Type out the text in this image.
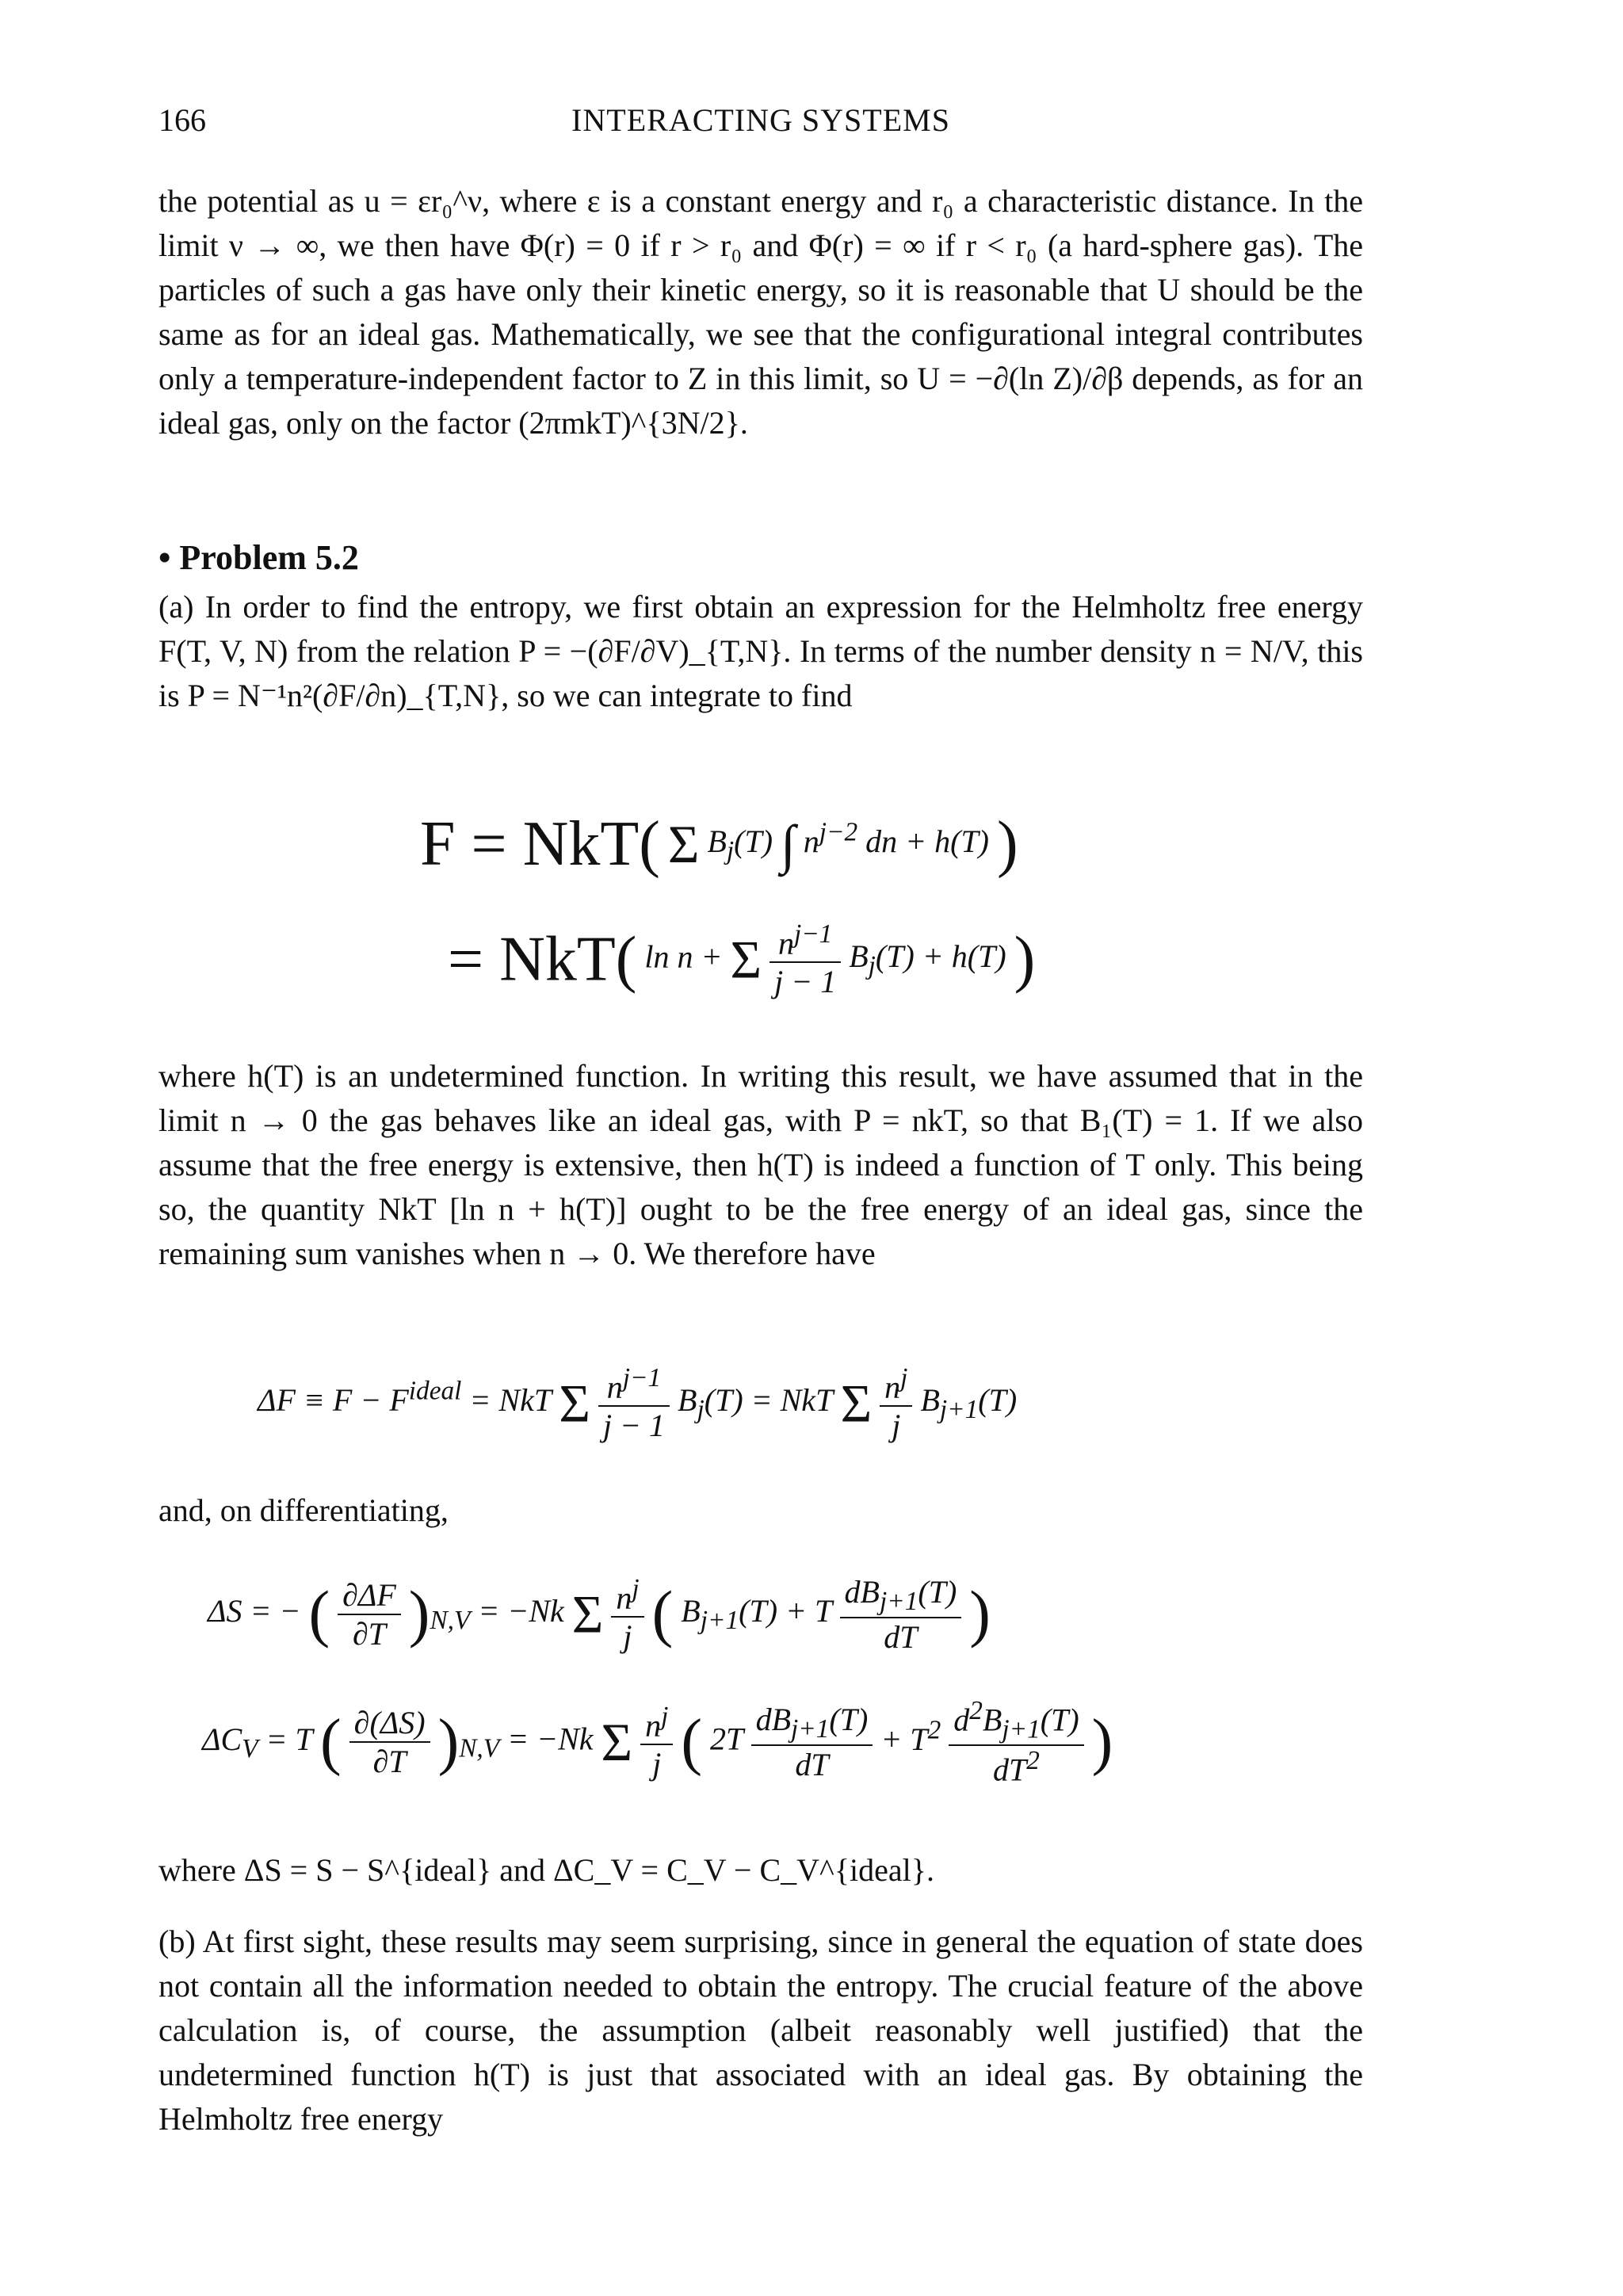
166	INTERACTING SYSTEMS

the potential as u = εr₀^ν, where ε is a constant energy and r₀ a characteristic distance. In the limit ν → ∞, we then have Φ(r) = 0 if r > r₀ and Φ(r) = ∞ if r < r₀ (a hard-sphere gas). The particles of such a gas have only their kinetic energy, so it is reasonable that U should be the same as for an ideal gas. Mathematically, we see that the configurational integral contributes only a temperature-independent factor to Z in this limit, so U = −∂(ln Z)/∂β depends, as for an ideal gas, only on the factor (2πmkT)^{3N/2}.

• Problem 5.2

(a) In order to find the entropy, we first obtain an expression for the Helmholtz free energy F(T, V, N) from the relation P = −(∂F/∂V)_{T,N}. In terms of the number density n = N/V, this is P = N⁻¹n²(∂F/∂n)_{T,N}, so we can integrate to find

F = NkT( Σ $B_j(T)$ ∫ $n^{j-2}$ dn + h(T) )
= NkT( ln n + Σ $\frac{n^{j-1}}{j - 1} B_j(T) + h(T)$ )

where h(T) is an undetermined function. In writing this result, we have assumed that in the limit n → 0 the gas behaves like an ideal gas, with P = nkT, so that B₁(T) = 1. If we also assume that the free energy is extensive, then h(T) is indeed a function of T only. This being so, the quantity NkT [ln n + h(T)] ought to be the free energy of an ideal gas, since the remaining sum vanishes when n → 0. We therefore have

$\Delta F \equiv F - F^{ideal}$ = NkT Σ $\frac{n^{j-1}}{j - 1} B_j(T)$ = NkT Σ $\frac{n^j}{j} B_{j+1}(T)$

and, on differentiating,

ΔS = − ( $\frac{\partial\Delta F}{\partial T} )_{N,V} = -Nk$ Σ $\frac{n^j}{j}$ ( $B_{j+1}(T) + T \frac{dB_{j+1}(T)}{dT}$ )
$\Delta C_V = T$ ( $\frac{\partial(\Delta S)}{\partial T} )_{N,V} = -Nk$ Σ $\frac{n^j}{j}$ ( $2T \frac{dB_{j+1}(T)}{dT} + T^2 \frac{d^2B_{j+1}(T)}{dT^2}$ )

where ΔS = S − S^{ideal} and ΔC_V = C_V − C_V^{ideal}.

(b) At first sight, these results may seem surprising, since in general the equation of state does not contain all the information needed to obtain the entropy. The crucial feature of the above calculation is, of course, the assumption (albeit reasonably well justified) that the undetermined function h(T) is just that associated with an ideal gas. By obtaining the Helmholtz free energy
